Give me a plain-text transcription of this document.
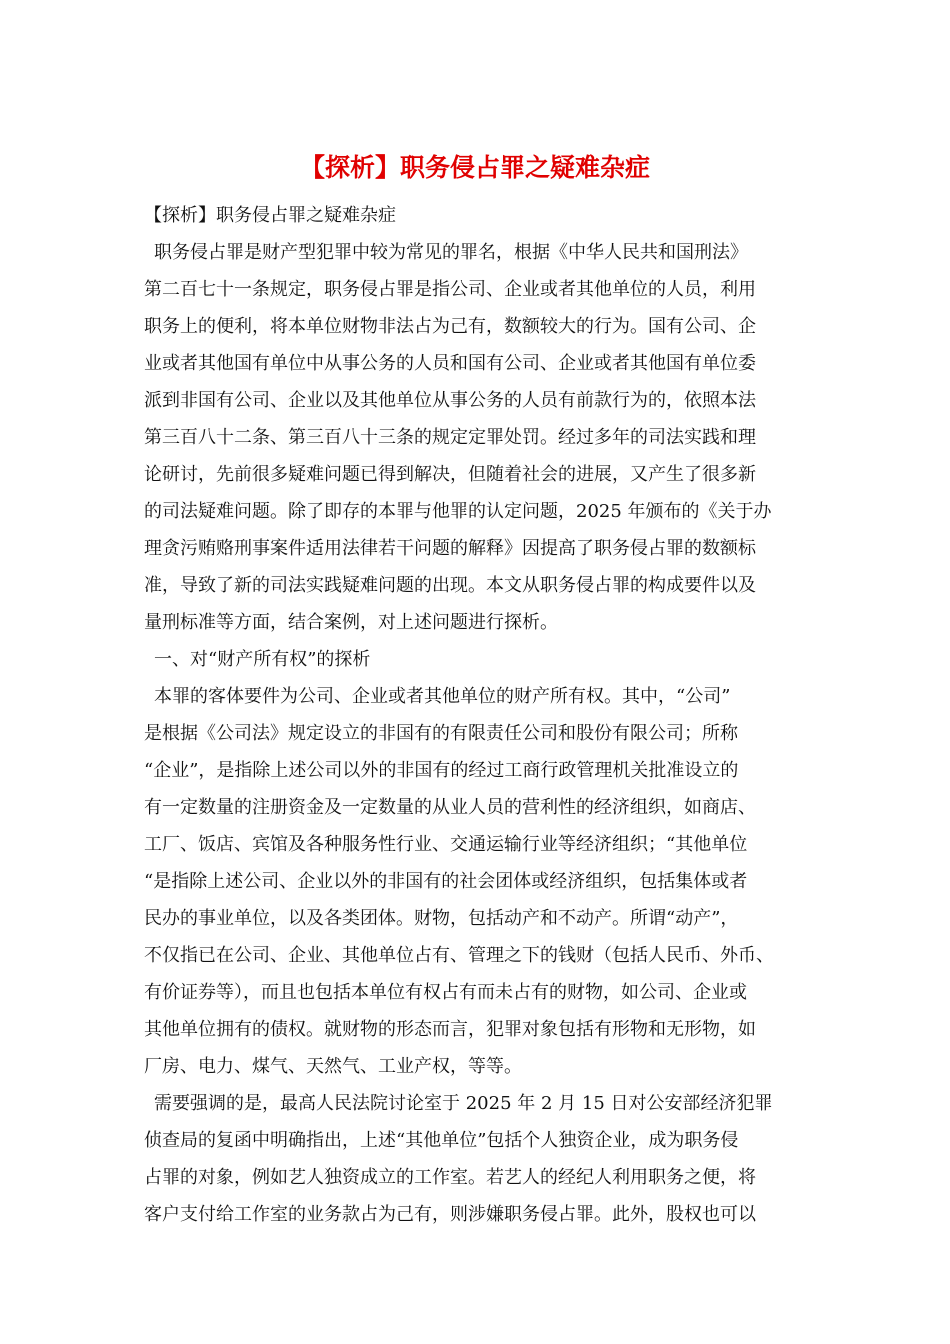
【探析】职务侵占罪之疑难杂症
【探析】职务侵占罪之疑难杂症
职务侵占罪是财产型犯罪中较为常见的罪名，根据《中华人民共和国刑法》
第二百七十一条规定，职务侵占罪是指公司、企业或者其他单位的人员，利用
职务上的便利，将本单位财物非法占为己有，数额较大的行为。国有公司、企
业或者其他国有单位中从事公务的人员和国有公司、企业或者其他国有单位委
派到非国有公司、企业以及其他单位从事公务的人员有前款行为的，依照本法
第三百八十二条、第三百八十三条的规定定罪处罚。经过多年的司法实践和理
论研讨，先前很多疑难问题已得到解决，但随着社会的进展，又产生了很多新
的司法疑难问题。除了即存的本罪与他罪的认定问题，2025 年颁布的《关于办
理贪污贿赂刑事案件适用法律若干问题的解释》因提高了职务侵占罪的数额标
准，导致了新的司法实践疑难问题的出现。本文从职务侵占罪的构成要件以及
量刑标准等方面，结合案例，对上述问题进行探析。
一、对“财产所有权”的探析
本罪的客体要件为公司、企业或者其他单位的财产所有权。其中，“公司”
是根据《公司法》规定设立的非国有的有限责任公司和股份有限公司；所称
“企业”，是指除上述公司以外的非国有的经过工商行政管理机关批准设立的
有一定数量的注册资金及一定数量的从业人员的营利性的经济组织，如商店、
工厂、饭店、宾馆及各种服务性行业、交通运输行业等经济组织；“其他单位
“是指除上述公司、企业以外的非国有的社会团体或经济组织，包括集体或者
民办的事业单位，以及各类团体。财物，包括动产和不动产。所谓“动产”，
不仅指已在公司、企业、其他单位占有、管理之下的钱财（包括人民币、外币、
有价证券等），而且也包括本单位有权占有而未占有的财物，如公司、企业或
其他单位拥有的债权。就财物的形态而言，犯罪对象包括有形物和无形物，如
厂房、电力、煤气、天然气、工业产权，等等。
需要强调的是，最高人民法院讨论室于 2025 年 2 月 15 日对公安部经济犯罪
侦查局的复函中明确指出，上述“其他单位”包括个人独资企业，成为职务侵
占罪的对象，例如艺人独资成立的工作室。若艺人的经纪人利用职务之便，将
客户支付给工作室的业务款占为己有，则涉嫌职务侵占罪。此外，股权也可以
